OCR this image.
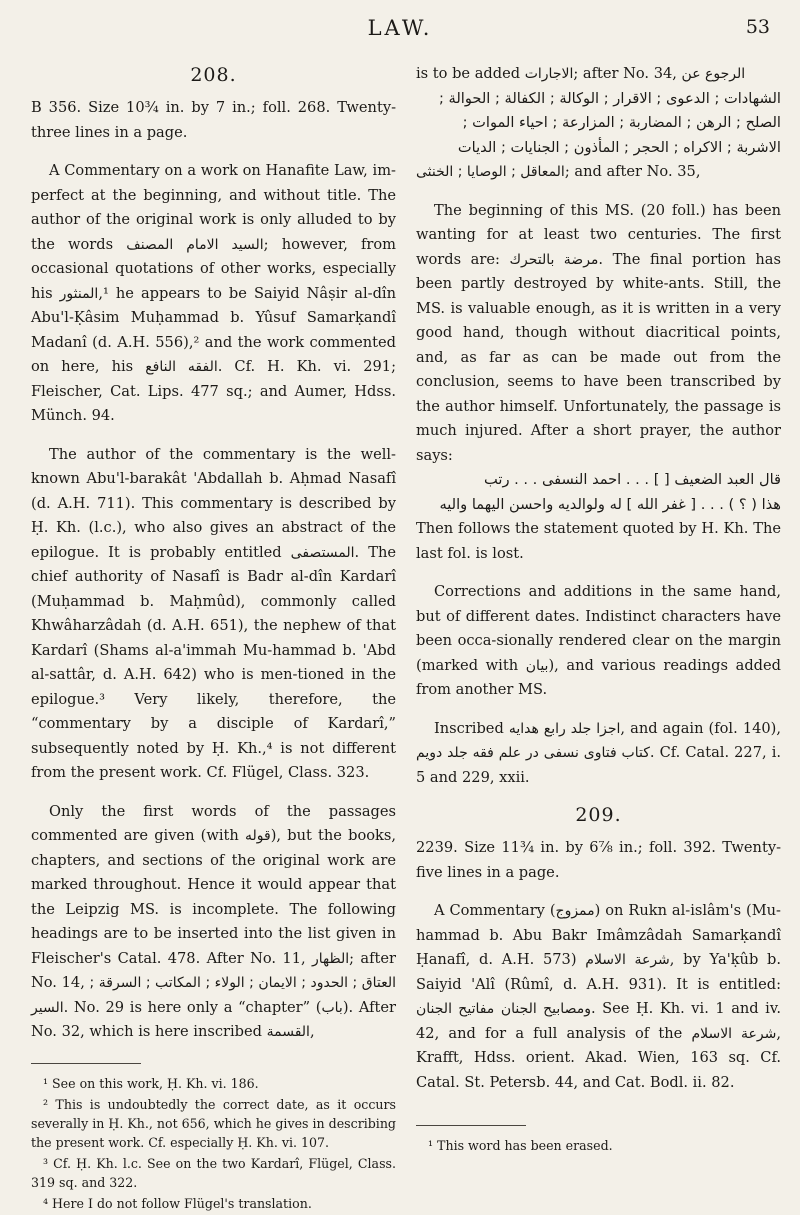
LAW.	53
208.

B 356. Size 10¾ in. by 7 in.; foll. 268. Twenty-three lines in a page.

A Commentary on a work on Hanafite Law, im-perfect at the beginning, and without title. The author of the original work is only alluded to by the words السيد الامام المصنف; however, from occasional quotations of other works, especially his المنثور,¹ he appears to be Saiyid Nâṣir al-dîn Abu'l-Ḳâsim Muḥammad b. Yûsuf Samarḳandî Madanî (d. A.H. 556),² and the work commented on here, his الفقه النافع. Cf. H. Kh. vi. 291; Fleischer, Cat. Lips. 477 sq.; and Aumer, Hdss. Münch. 94.

The author of the commentary is the well-known Abu'l-barakât 'Abdallah b. Aḥmad Nasafî (d. A.H. 711). This commentary is described by Ḥ. Kh. (l.c.), who also gives an abstract of the epilogue. It is probably entitled المستصفى. The chief authority of Nasafî is Badr al-dîn Kardarî (Muḥammad b. Maḥmûd), commonly called Khwâharzâdah (d. A.H. 651), the nephew of that Kardarî (Shams al-a'immah Mu-hammad b. 'Abd al-sattâr, d. A.H. 642) who is men-tioned in the epilogue.³ Very likely, therefore, the “commentary by a disciple of Kardarî,” subsequently noted by Ḥ. Kh.,⁴ is not different from the present work. Cf. Flügel, Class. 323.

Only the first words of the passages commented are given (with قوله), but the books, chapters, and sections of the original work are marked throughout. Hence it would appear that the Leipzig MS. is incomplete. The following headings are to be inserted into the list given in Fleischer's Catal. 478. After No. 11, الظهار; after No. 14, العتاق ; الحدود ; الايمان ; الولاء ; المكاتب ; السرقة ; السير. No. 29 is here only a “chapter” (باب). After No. 32, which is here inscribed القسمة,

¹ See on this work, Ḥ. Kh. vi. 186.

² This is undoubtedly the correct date, as it occurs severally in Ḥ. Kh., not 656, which he gives in describing the present work. Cf. especially Ḥ. Kh. vi. 107.

³ Cf. Ḥ. Kh. l.c. See on the two Kardarî, Flügel, Class. 319 sq. and 322.

⁴ Here I do not follow Flügel's translation.

is to be added الاجارات; after No. 34, الرجوع عن

الشهادات ; الدعوى ; الاقرار ; الوكالة ; الكفالة ; الحوالة ;
الصلح ; الرهن ; المضاربة ; المزارعة ; احياء الموات ;
الاشربة ; الاكراه ; الحجر ; المأذون ; الجنايات ; الديات

المعاقل ; الوصايا ; الخنثى; and after No. 35,

The beginning of this MS. (20 foll.) has been wanting for at least two centuries. The first words are: مرضة بالتحرك. The final portion has been partly destroyed by white-ants. Still, the MS. is valuable enough, as it is written in a very good hand, though without diacritical points, and, as far as can be made out from the conclusion, seems to have been transcribed by the author himself. Unfortunately, the passage is much injured. After a short prayer, the author says:

قال العبد الضعيف [ ] . . . احمد النسفى . . . رتب
هذا ( ؟ ) . . . [ غفر الله ] له ولوالديه واحسن اليهما واليه

Then follows the statement quoted by H. Kh. The last fol. is lost.

Corrections and additions in the same hand, but of different dates. Indistinct characters have been occa-sionally rendered clear on the margin (marked with بيان), and various readings added from another MS.

Inscribed اجزا جلد رابع هدايه, and again (fol. 140), كتاب فتاوى نسفى در علم فقه جلد دويم. Cf. Catal. 227, i. 5 and 229, xxii.

209.

2239. Size 11¾ in. by 6⅞ in.; foll. 392. Twenty-five lines in a page.

A Commentary (ممزوج) on Rukn al-islâm's (Mu-hammad b. Abu Bakr Imâmzâdah Samarḳandî Ḥanafî, d. A.H. 573) شرعة الاسلام, by Ya'ḳûb b. Saiyid 'Alî (Rûmî, d. A.H. 931). It is entitled: مفاتيح الجنان ومصابيح الجنان. See Ḥ. Kh. vi. 1 and iv. 42, and for a full analysis of the شرعة الاسلام, Krafft, Hdss. orient. Akad. Wien, 163 sq. Cf. Catal. St. Petersb. 44, and Cat. Bodl. ii. 82.

¹ This word has been erased.
